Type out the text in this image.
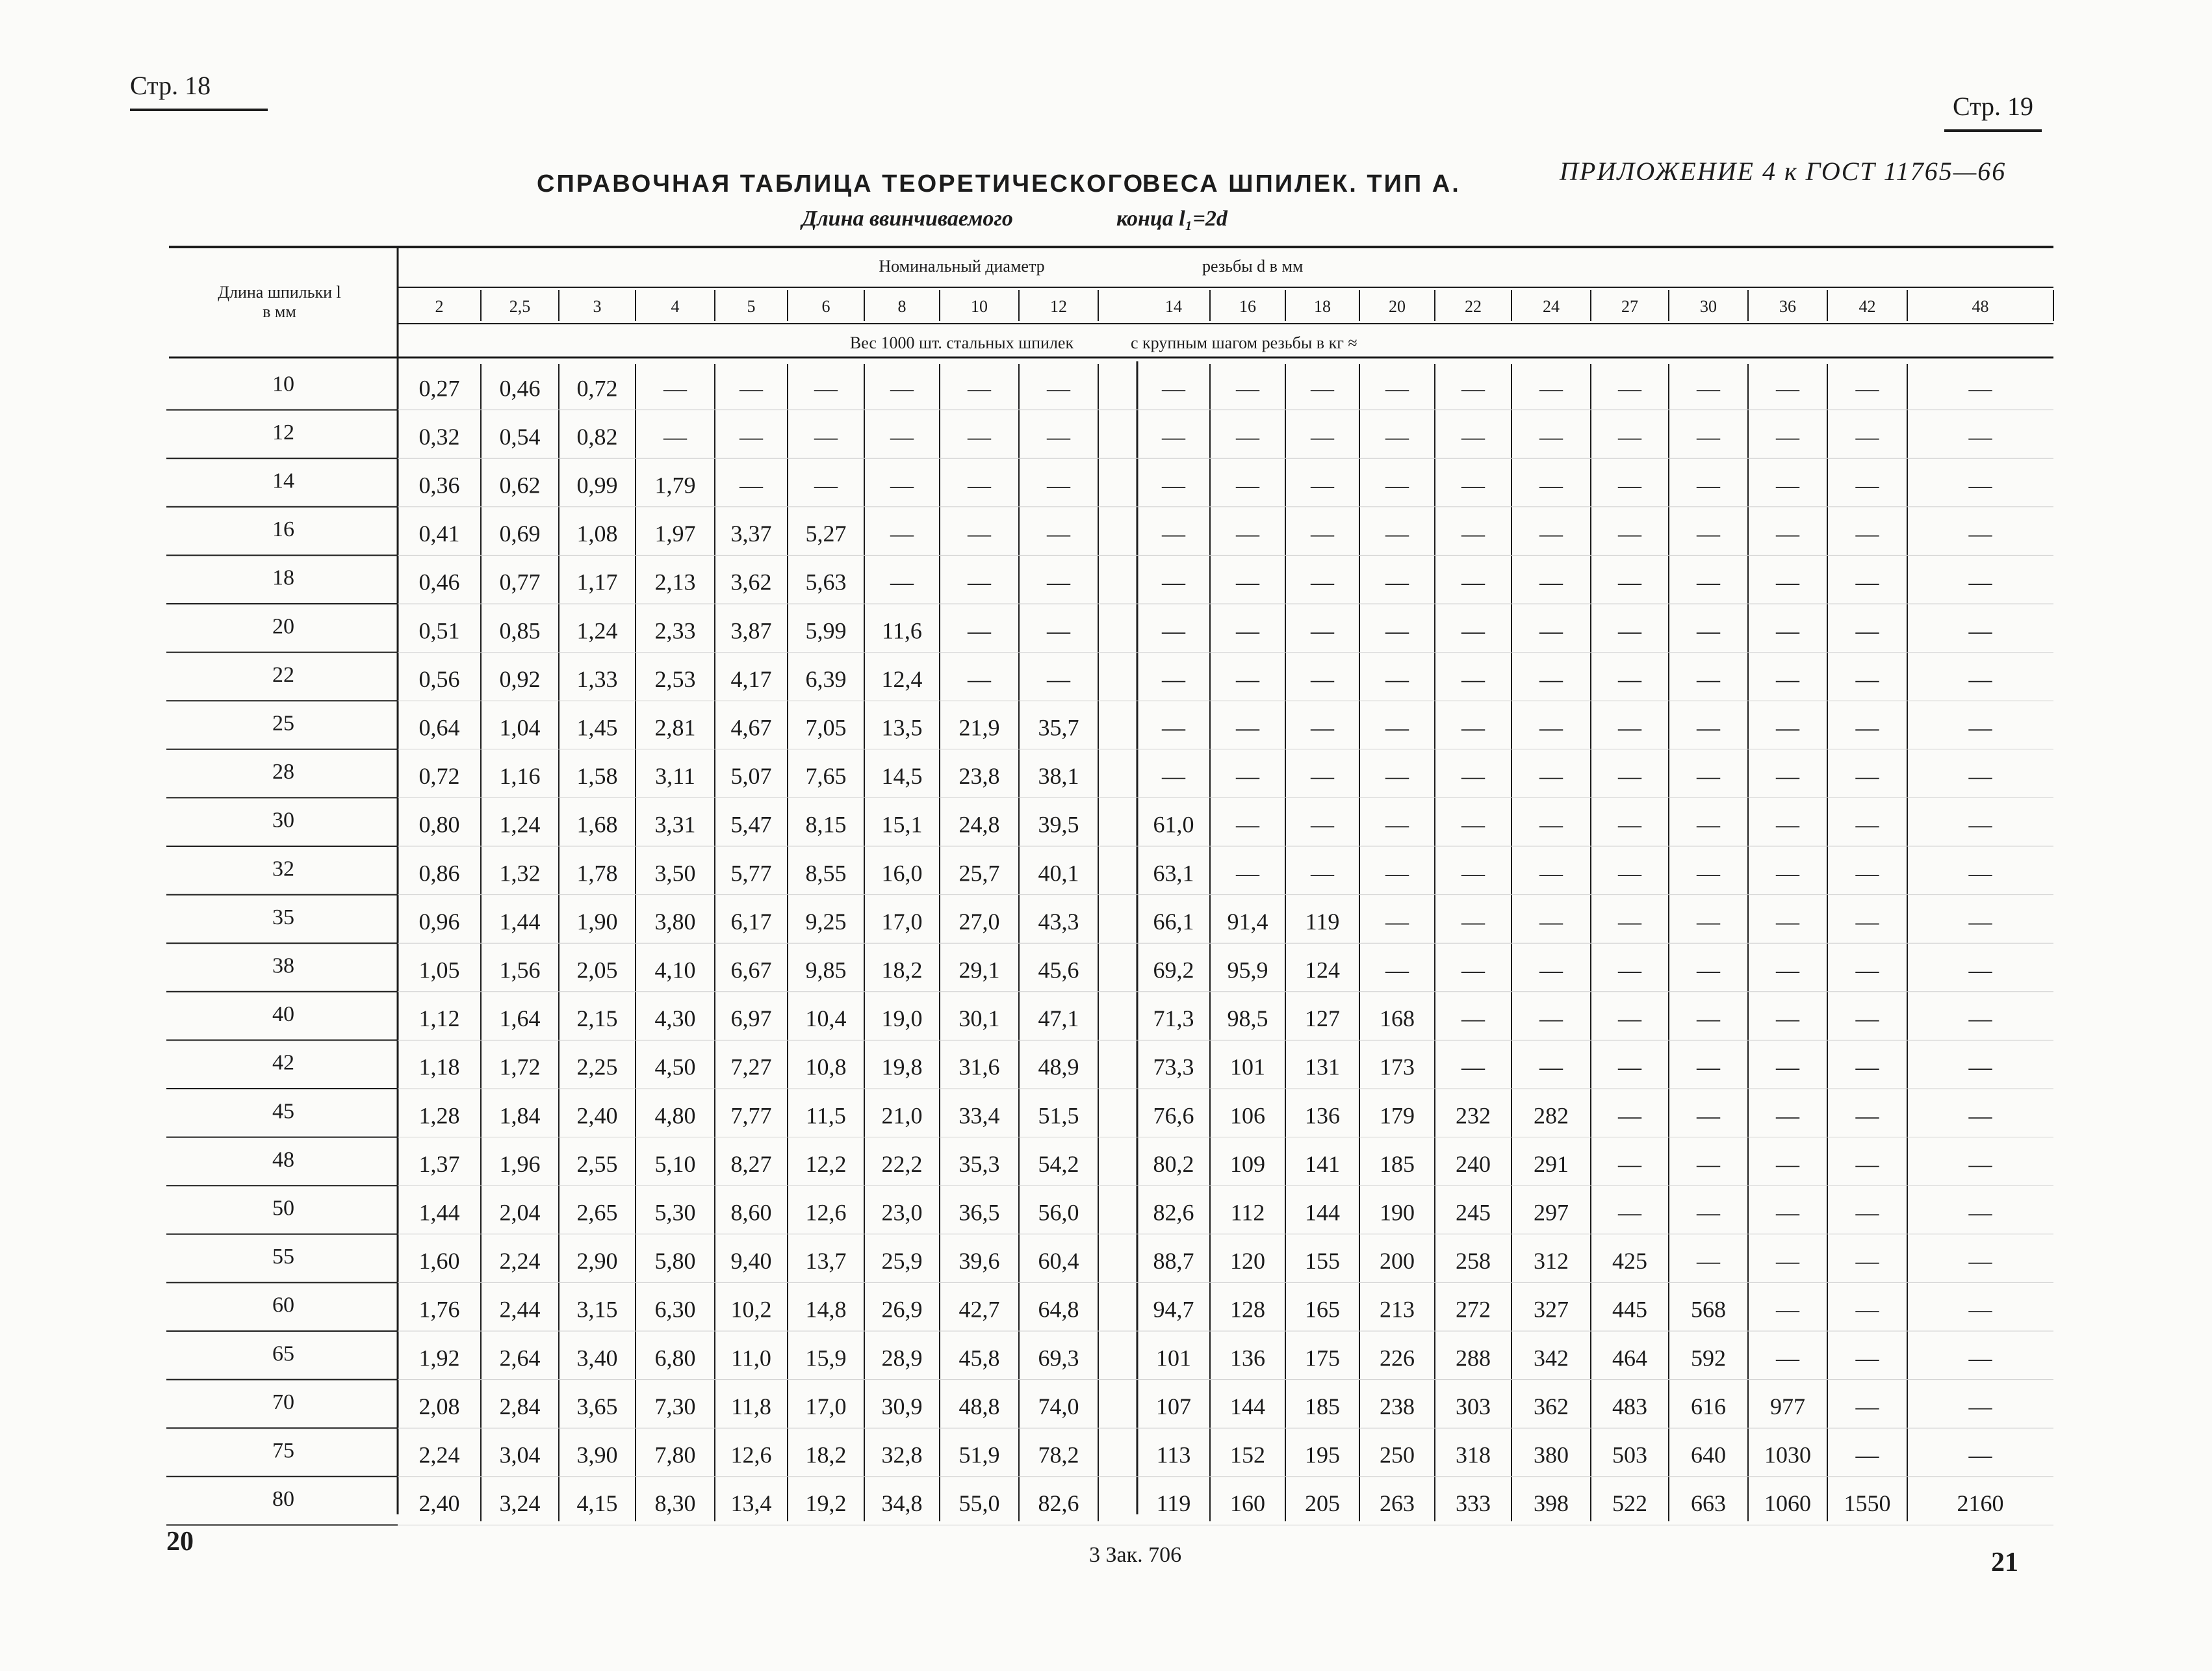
Стр. 18
Стр. 19
ПРИЛОЖЕНИЕ 4 к ГОСТ 11765—66
СПРАВОЧНАЯ ТАБЛИЦА ТЕОРЕТИЧЕСКОГО
ВЕСА ШПИЛЕК. ТИП А.
Длина ввинчиваемого	конца l₁=2d
Длина шпильки l
в мм
Номинальный диаметр	резьбы d в мм
Вес 1000 шт. стальных шпилек	с крупным шагом резьбы в кг ≈
2	2,5	3	4	5	6	8	10	12	14	16	18	20	22	24	27	30	36	42	48
10	0,27 0,46 0,72 — — — — — —	— — — — — — — — — —	—
12	0,32 0,54 0,82 — — — — — —	— — — — — — — — — —	—
14	0,36 0,62 0,99 1,79 — — — — —	— — — — — — — — — —	—
16	0,41 0,69 1,08 1,97 3,37 5,27 — — —	— — — — — — — — — —	—
18	0,46 0,77 1,17 2,13 3,62 5,63 — — —	— — — — — — — — — —	—
20	0,51 0,85 1,24 2,33 3,87 5,99 11,6 — —	— — — — — — — — — —	—
22	0,56 0,92 1,33 2,53 4,17 6,39 12,4 — —	— — — — — — — — — —	—
25	0,64 1,04 1,45 2,81 4,67 7,05 13,5 21,9 35,7	— — — — — — — — — —	—
28	0,72 1,16 1,58 3,11 5,07 7,65 14,5 23,8 38,1	— — — — — — — — — —	—
30	0,80 1,24 1,68 3,31 5,47 8,15 15,1 24,8 39,5	61,0 — — — — — — — — —	—
32	0,86 1,32 1,78 3,50 5,77 8,55 16,0 25,7 40,1	63,1 — — — — — — — — —	—
35	0,96 1,44 1,90 3,80 6,17 9,25 17,0 27,0 43,3	66,1 91,4 119 — — — — — — —	—
38	1,05 1,56 2,05 4,10 6,67 9,85 18,2 29,1 45,6	69,2 95,9 124 — — — — — — —	—
40	1,12 1,64 2,15 4,30 6,97 10,4 19,0 30,1 47,1	71,3 98,5 127 168 — — — — — —	—
42	1,18 1,72 2,25 4,50 7,27 10,8 19,8 31,6 48,9	73,3 101 131 173 — — — — — —	—
45	1,28 1,84 2,40 4,80 7,77 11,5 21,0 33,4 51,5	76,6 106 136 179 232 282 — — — —	—
48	1,37 1,96 2,55 5,10 8,27 12,2 22,2 35,3 54,2	80,2 109 141 185 240 291 — — — —	—
50	1,44 2,04 2,65 5,30 8,60 12,6 23,0 36,5 56,0	82,6 112 144 190 245 297 — — — —	—
55	1,60 2,24 2,90 5,80 9,40 13,7 25,9 39,6 60,4	88,7 120 155 200 258 312 425 — — —	—
60	1,76 2,44 3,15 6,30 10,2 14,8 26,9 42,7 64,8	94,7 128 165 213 272 327 445 568 — —	—
65	1,92 2,64 3,40 6,80 11,0 15,9 28,9 45,8 69,3	101 136 175 226 288 342 464 592 — —	—
70	2,08 2,84 3,65 7,30 11,8 17,0 30,9 48,8 74,0	107 144 185 238 303 362 483 616 977 —	—
75	2,24 3,04 3,90 7,80 12,6 18,2 32,8 51,9 78,2	113 152 195 250 318 380 503 640 1030 —	—
80	2,40 3,24 4,15 8,30 13,4 19,2 34,8 55,0 82,6	119 160 205 263 333 398 522 663 1060 1550	2160
20	3 Зак. 706	21
